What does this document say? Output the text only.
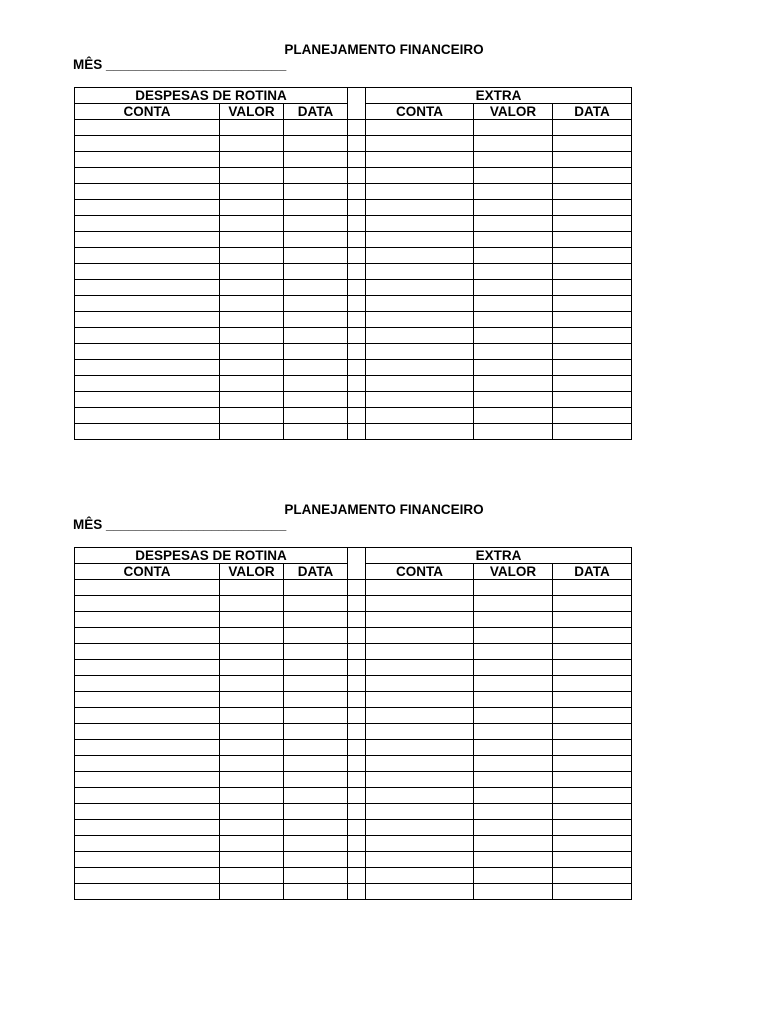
PLANEJAMENTO FINANCEIRO
MÊS ________________________
DESPESAS DE ROTINA				EXTRA		
CONTA	VALOR	DATA		CONTA	VALOR	DATA

PLANEJAMENTO FINANCEIRO
MÊS ________________________
DESPESAS DE ROTINA				EXTRA		
CONTA	VALOR	DATA		CONTA	VALOR	DATA
